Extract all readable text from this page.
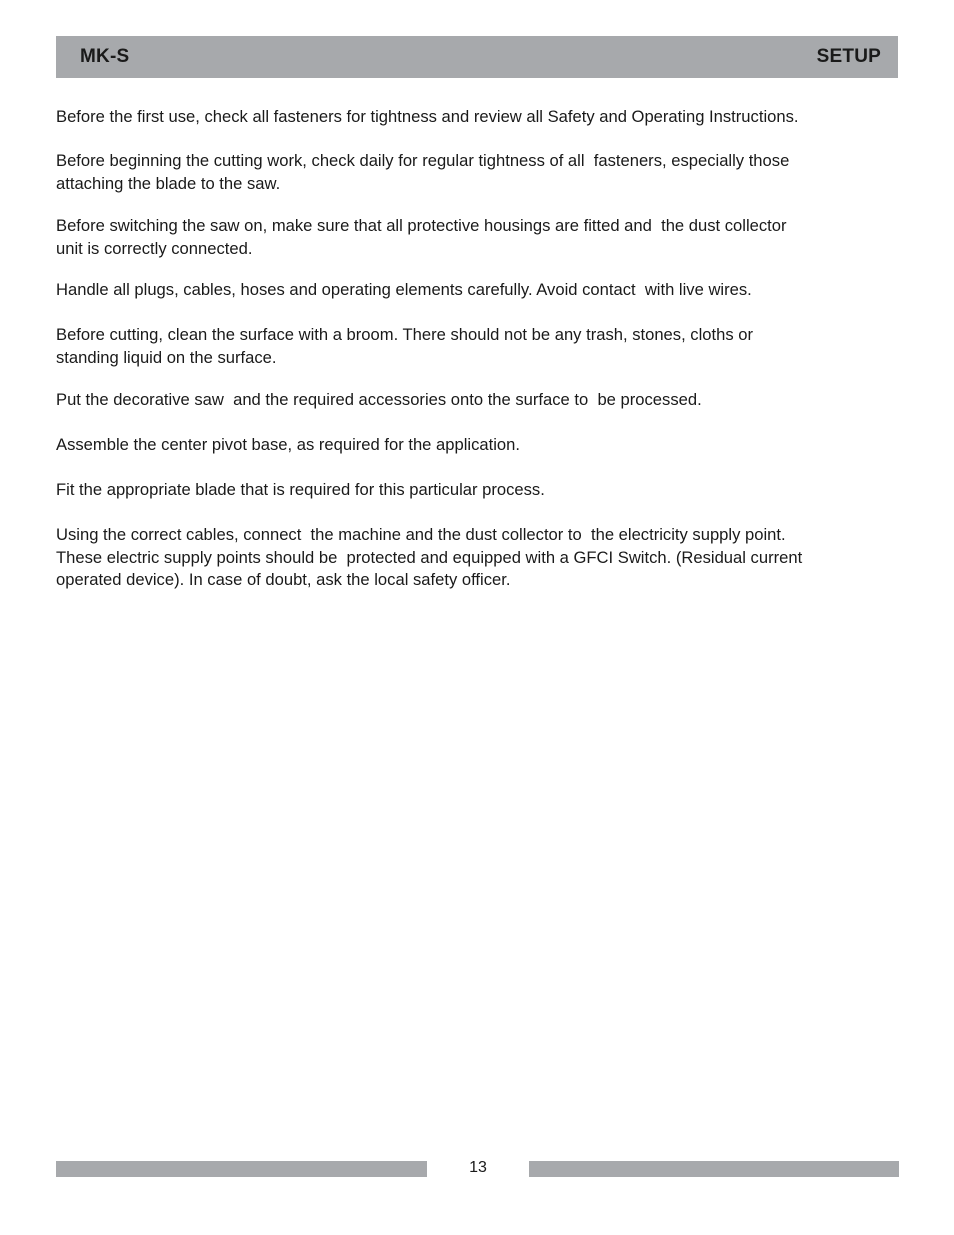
MK-S	SETUP

Before the first use, check all fasteners for tightness and review all Safety and Operating Instructions.

Before beginning the cutting work, check daily for regular tightness of all  fasteners, especially those
attaching the blade to the saw.

Before switching the saw on, make sure that all protective housings are fitted and  the dust collector
unit is correctly connected.

Handle all plugs, cables, hoses and operating elements carefully. Avoid contact  with live wires.

Before cutting, clean the surface with a broom. There should not be any trash, stones, cloths or
standing liquid on the surface.

Put the decorative saw  and the required accessories onto the surface to  be processed.

Assemble the center pivot base, as required for the application.

Fit the appropriate blade that is required for this particular process.

Using the correct cables, connect  the machine and the dust collector to  the electricity supply point.
These electric supply points should be  protected and equipped with a GFCI Switch. (Residual current
operated device). In case of doubt, ask the local safety officer.

13
